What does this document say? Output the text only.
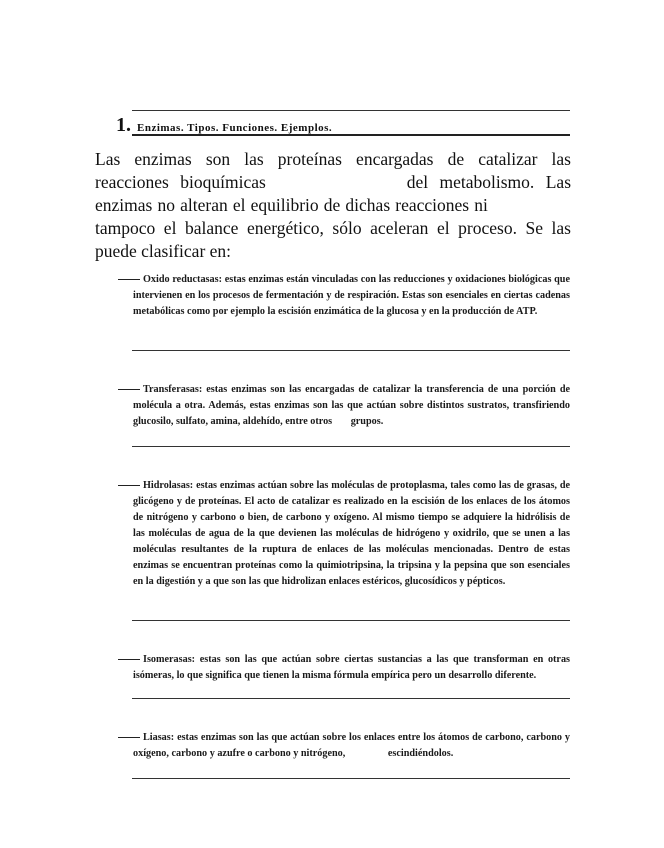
1. Enzimas. Tipos. Funciones. Ejemplos.
Las enzimas son las proteínas encargadas de catalizar las reacciones bioquímicas	del metabolismo. Las enzimas no alteran el equilibrio de dichas reacciones ni  tampoco el balance energético, sólo aceleran el proceso. Se las puede clasificar en:
Oxido reductasas: estas enzimas están vinculadas con las reducciones y oxidaciones biológicas que intervienen en los procesos de fermentación y de respiración. Estas son esenciales en ciertas cadenas metabólicas como por ejemplo la escisión enzimática de la glucosa y en la producción de ATP.
Transferasas: estas enzimas son las encargadas de catalizar la transferencia de una porción de molécula a otra. Además, estas enzimas son las que actúan sobre distintos sustratos, transfiriendo glucosilo, sulfato, amina, aldehído, entre otros grupos.
Hidrolasas: estas enzimas actúan sobre las moléculas de protoplasma, tales como las de grasas, de glicógeno y de proteínas. El acto de catalizar es realizado en la escisión de los enlaces de los átomos de nitrógeno y carbono o bien, de carbono y oxígeno. Al mismo tiempo se adquiere la hidrólisis de las moléculas de agua de la que devienen las moléculas de hidrógeno y oxidrilo, que se unen a las moléculas resultantes de la ruptura de enlaces de las moléculas mencionadas. Dentro de estas enzimas se encuentran proteínas como la quimiotripsina, la tripsina y la pepsina que son esenciales en la digestión y a que son las que hidrolizan enlaces estéricos, glucosídicos y pépticos.
Isomerasas: estas son las que actúan sobre ciertas sustancias a las que transforman en otras isómeras, lo que significa que tienen la misma fórmula empírica pero un desarrollo diferente.
Liasas: estas enzimas son las que actúan sobre los enlaces entre los átomos de carbono, carbono y oxígeno, carbono y azufre o carbono y nitrógeno,	escindiéndolos.
